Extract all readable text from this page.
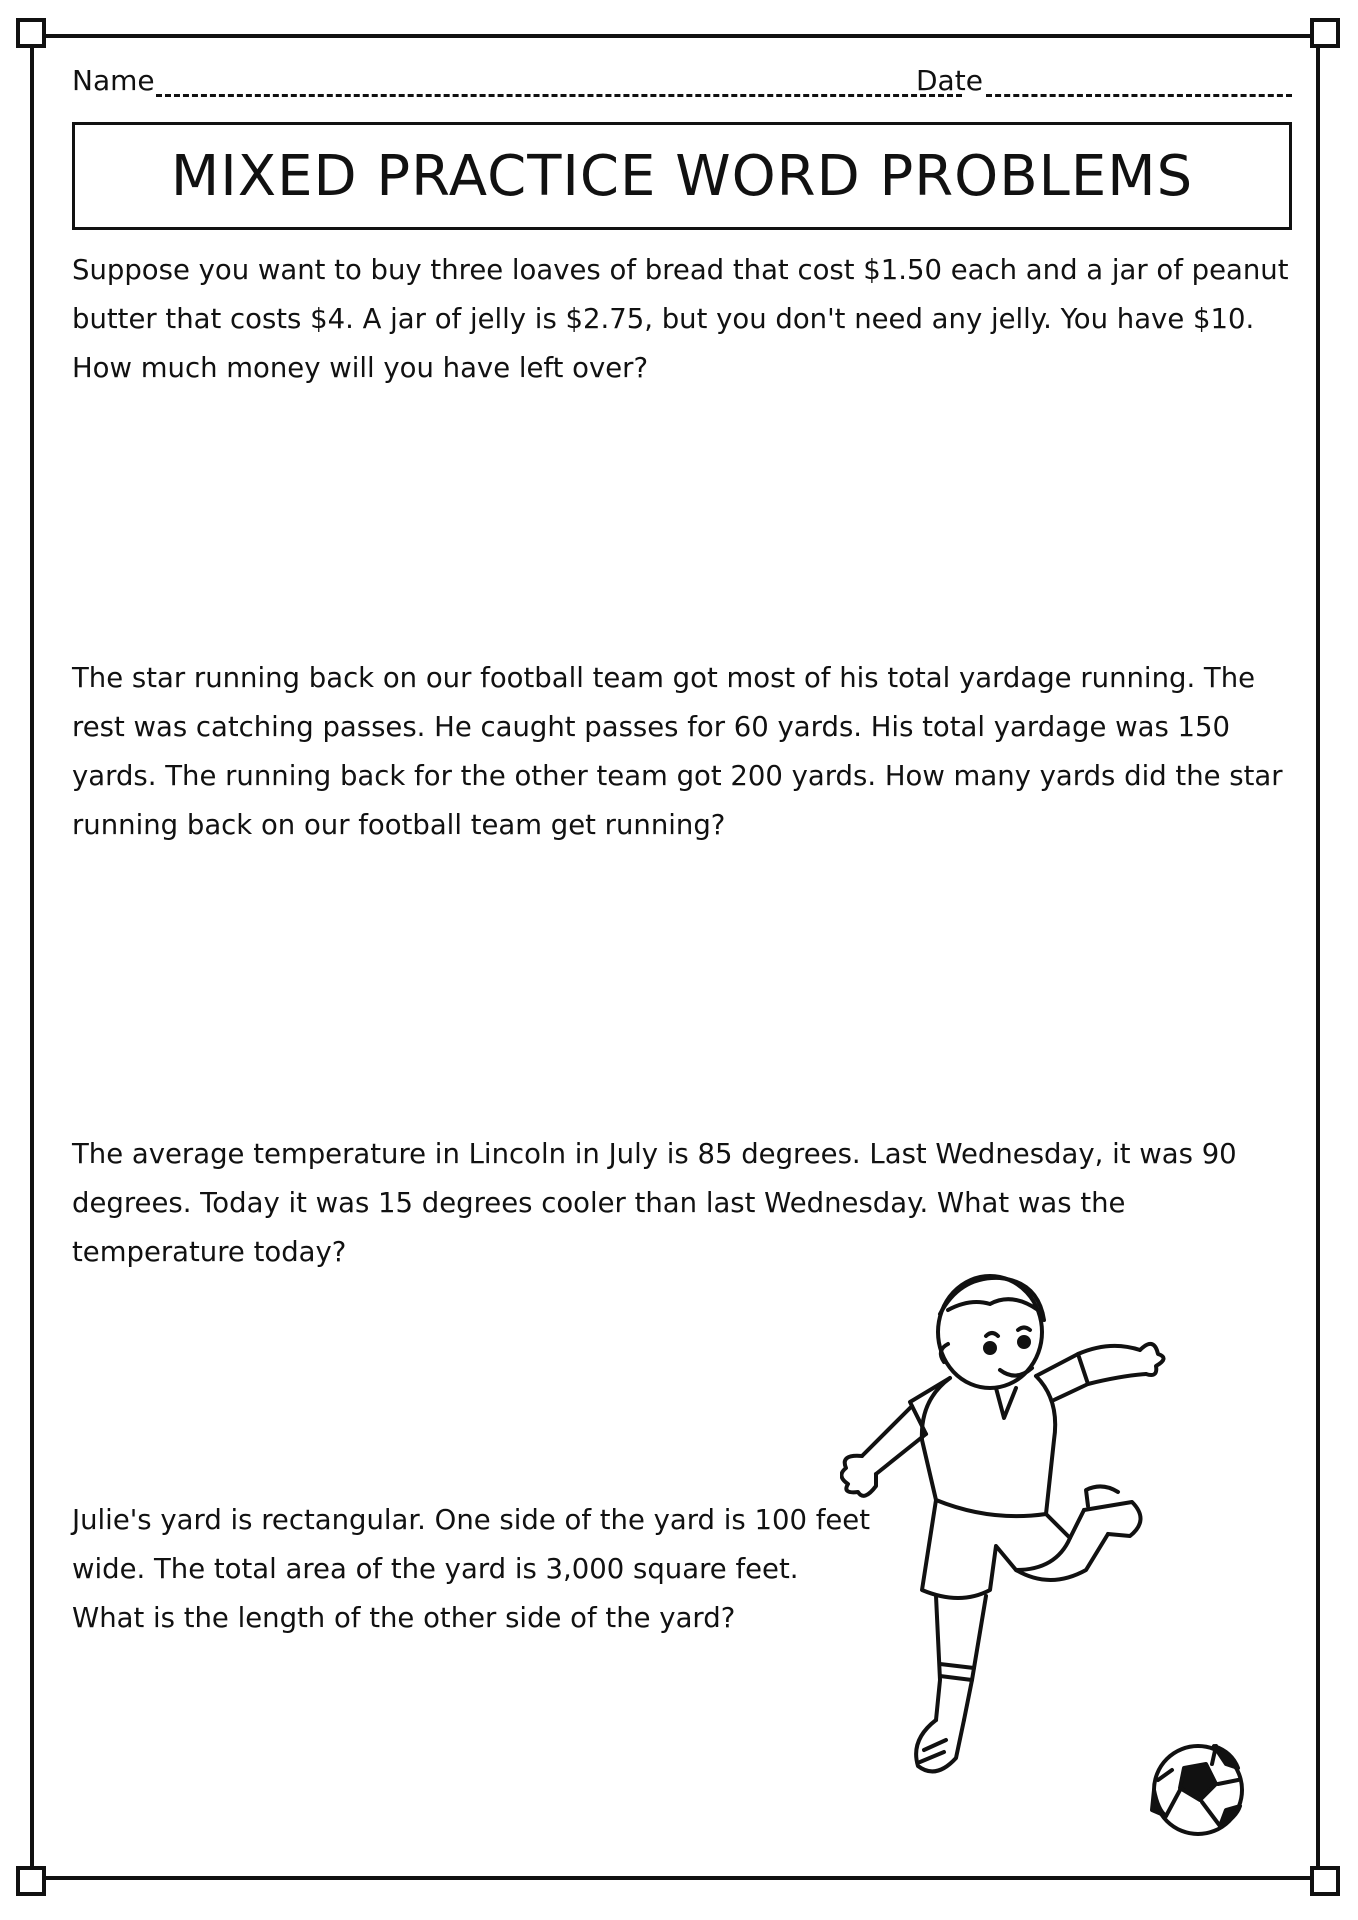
Name	Date
MIXED PRACTICE WORD PROBLEMS

Suppose you want to buy three loaves of bread that cost $1.50 each and a jar of peanut butter that costs $4. A jar of jelly is $2.75, but you don't need any jelly. You have $10. How much money will you have left over?

The star running back on our football team got most of his total yardage running. The rest was catching passes. He caught passes for 60 yards. His total yardage was 150 yards. The running back for the other team got 200 yards. How many yards did the star running back on our football team get running?

The average temperature in Lincoln in July is 85 degrees. Last Wednesday, it was 90 degrees. Today it was 15 degrees cooler than last Wednesday. What was the temperature today?

Julie's yard is rectangular. One side of the yard is 100 feet wide. The total area of the yard is 3,000 square feet. What is the length of the other side of the yard?
